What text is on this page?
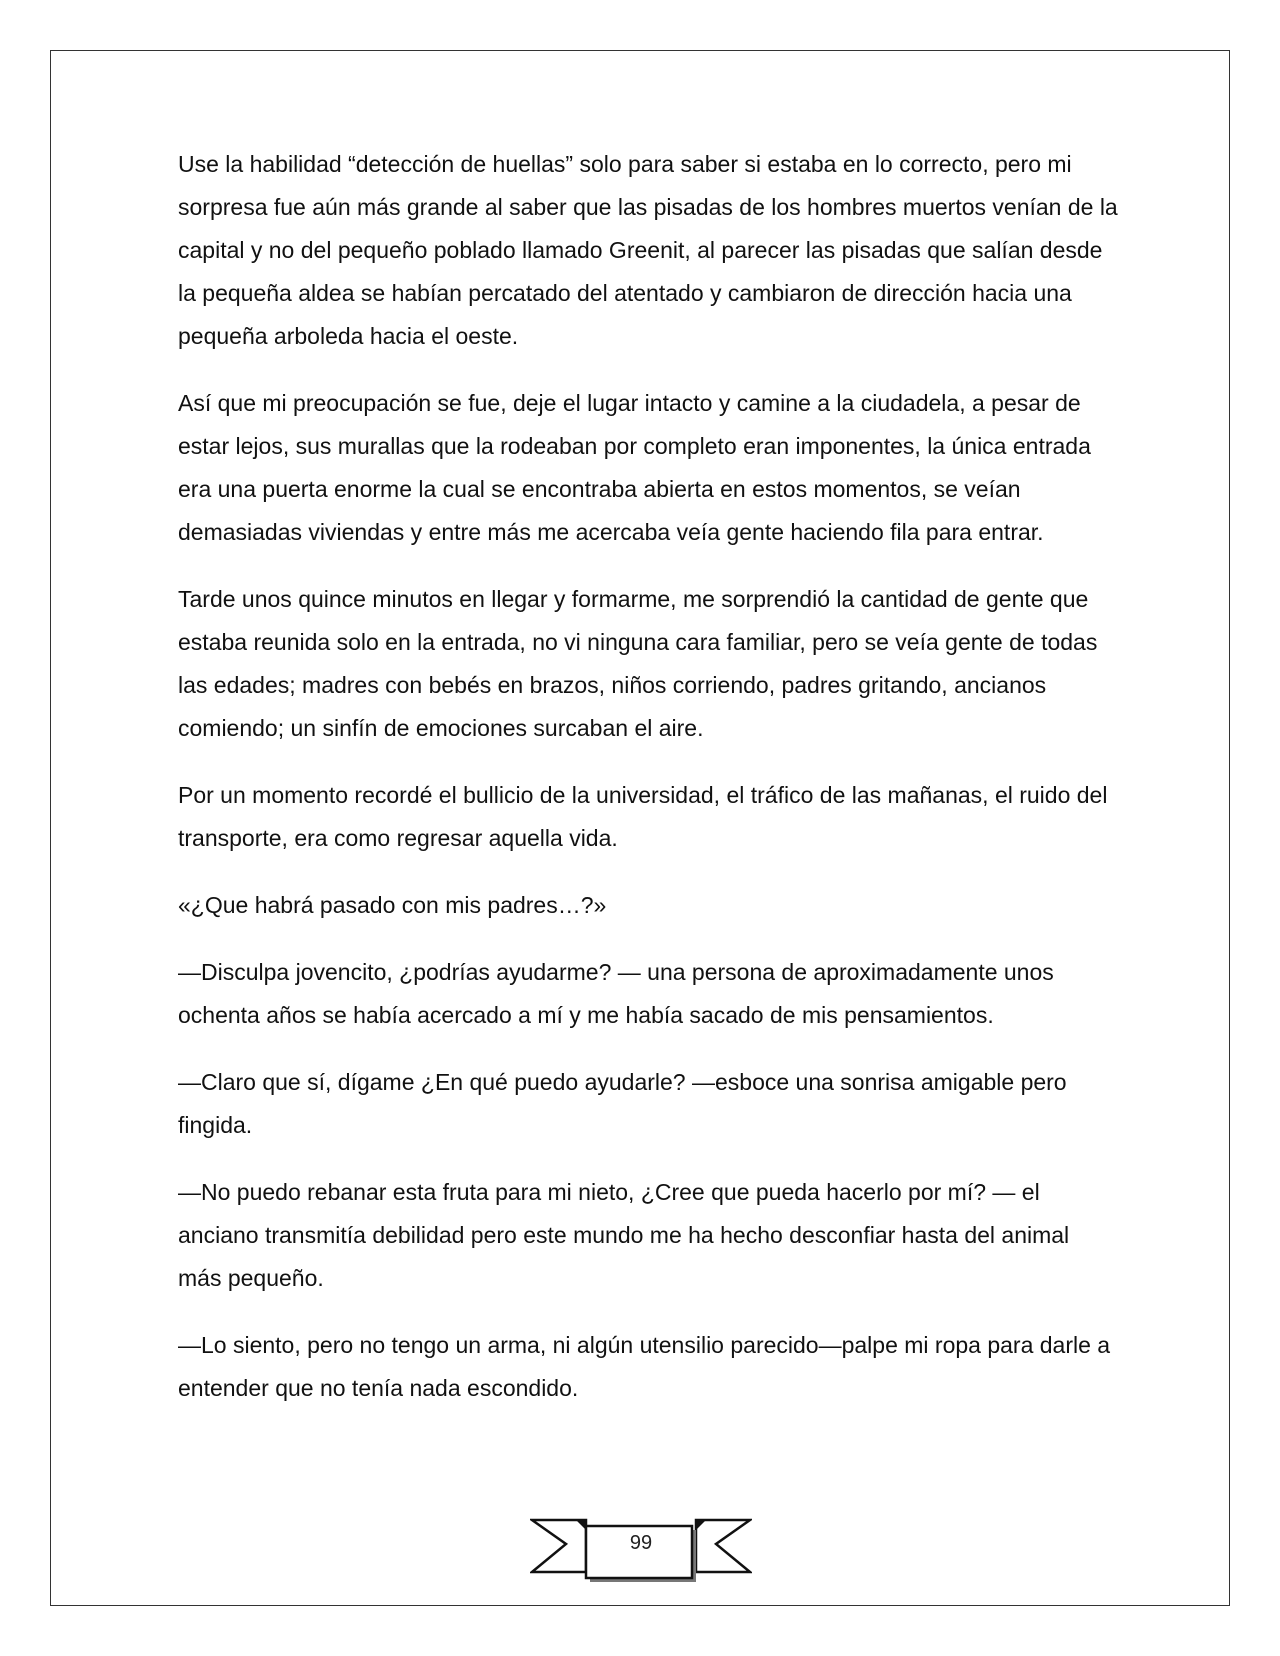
Use la habilidad “detección de huellas” solo para saber si estaba en lo correcto, pero mi sorpresa fue aún más grande al saber que las pisadas de los hombres muertos venían de la capital y no del pequeño poblado llamado Greenit, al parecer las pisadas que salían desde la pequeña aldea se habían percatado del atentado y cambiaron de dirección hacia una pequeña arboleda hacia el oeste.

Así que mi preocupación se fue, deje el lugar intacto y camine a la ciudadela, a pesar de estar lejos, sus murallas que la rodeaban por completo eran imponentes, la única entrada era una puerta enorme la cual se encontraba abierta en estos momentos, se veían demasiadas viviendas y entre más me acercaba veía gente haciendo fila para entrar.

Tarde unos quince minutos en llegar y formarme, me sorprendió la cantidad de gente que estaba reunida solo en la entrada, no vi ninguna cara familiar, pero se veía gente de todas las edades; madres con bebés en brazos, niños corriendo, padres gritando, ancianos comiendo; un sinfín de emociones surcaban el aire.

Por un momento recordé el bullicio de la universidad, el tráfico de las mañanas, el ruido del transporte, era como regresar aquella vida.

«¿Que habrá pasado con mis padres…?»

—Disculpa jovencito, ¿podrías ayudarme? — una persona de aproximadamente unos ochenta años se había acercado a mí y me había sacado de mis pensamientos.

—Claro que sí, dígame ¿En qué puedo ayudarle? —esboce una sonrisa amigable pero fingida.

—No puedo rebanar esta fruta para mi nieto, ¿Cree que pueda hacerlo por mí? — el anciano transmitía debilidad pero este mundo me ha hecho desconfiar hasta del animal más pequeño.

—Lo siento, pero no tengo un arma, ni algún utensilio parecido—palpe mi ropa para darle a entender que no tenía nada escondido.

99
